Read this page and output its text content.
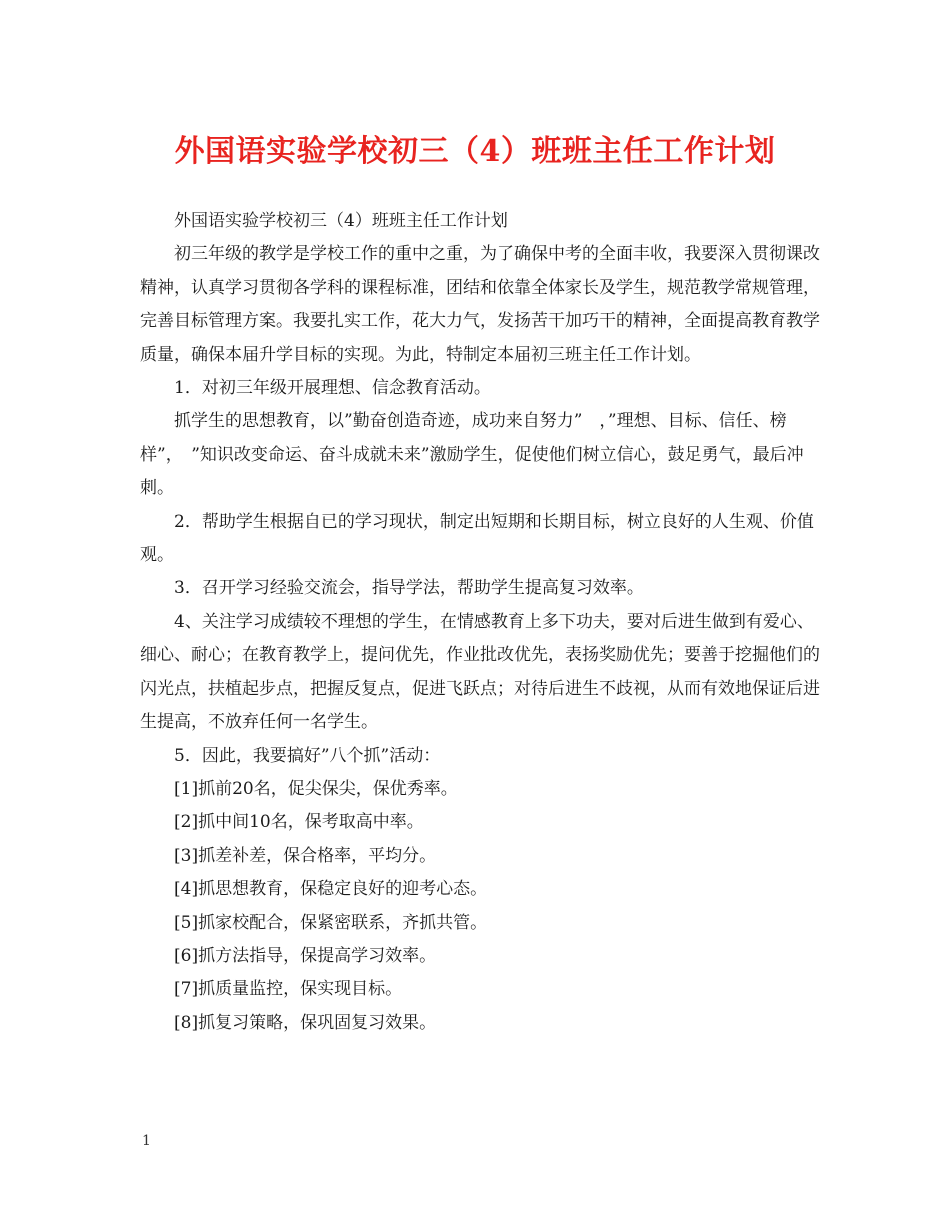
外国语实验学校初三（4）班班主任工作计划

外国语实验学校初三（4）班班主任工作计划

初三年级的教学是学校工作的重中之重，为了确保中考的全面丰收，我要深入贯彻课改精神，认真学习贯彻各学科的课程标准，团结和依靠全体家长及学生，规范教学常规管理，完善目标管理方案。我要扎实工作，花大力气，发扬苦干加巧干的精神，全面提高教育教学质量，确保本届升学目标的实现。为此，特制定本届初三班主任工作计划。

1．对初三年级开展理想、信念教育活动。

抓学生的思想教育，以”勤奋创造奇迹，成功来自努力”　，”理想、目标、信任、榜样”，　”知识改变命运、奋斗成就未来”激励学生，促使他们树立信心，鼓足勇气，最后冲刺。

2．帮助学生根据自已的学习现状，制定出短期和长期目标，树立良好的人生观、价值观。

3．召开学习经验交流会，指导学法，帮助学生提高复习效率。

4、关注学习成绩较不理想的学生，在情感教育上多下功夫，要对后进生做到有爱心、细心、耐心；在教育教学上，提问优先，作业批改优先，表扬奖励优先；要善于挖掘他们的闪光点，扶植起步点，把握反复点，促进飞跃点；对待后进生不歧视，从而有效地保证后进生提高，不放弃任何一名学生。

5．因此，我要搞好”八个抓”活动：

[1]抓前20名，促尖保尖，保优秀率。

[2]抓中间10名，保考取高中率。

[3]抓差补差，保合格率，平均分。

[4]抓思想教育，保稳定良好的迎考心态。

[5]抓家校配合，保紧密联系，齐抓共管。

[6]抓方法指导，保提高学习效率。

[7]抓质量监控，保实现目标。

[8]抓复习策略，保巩固复习效果。

1
